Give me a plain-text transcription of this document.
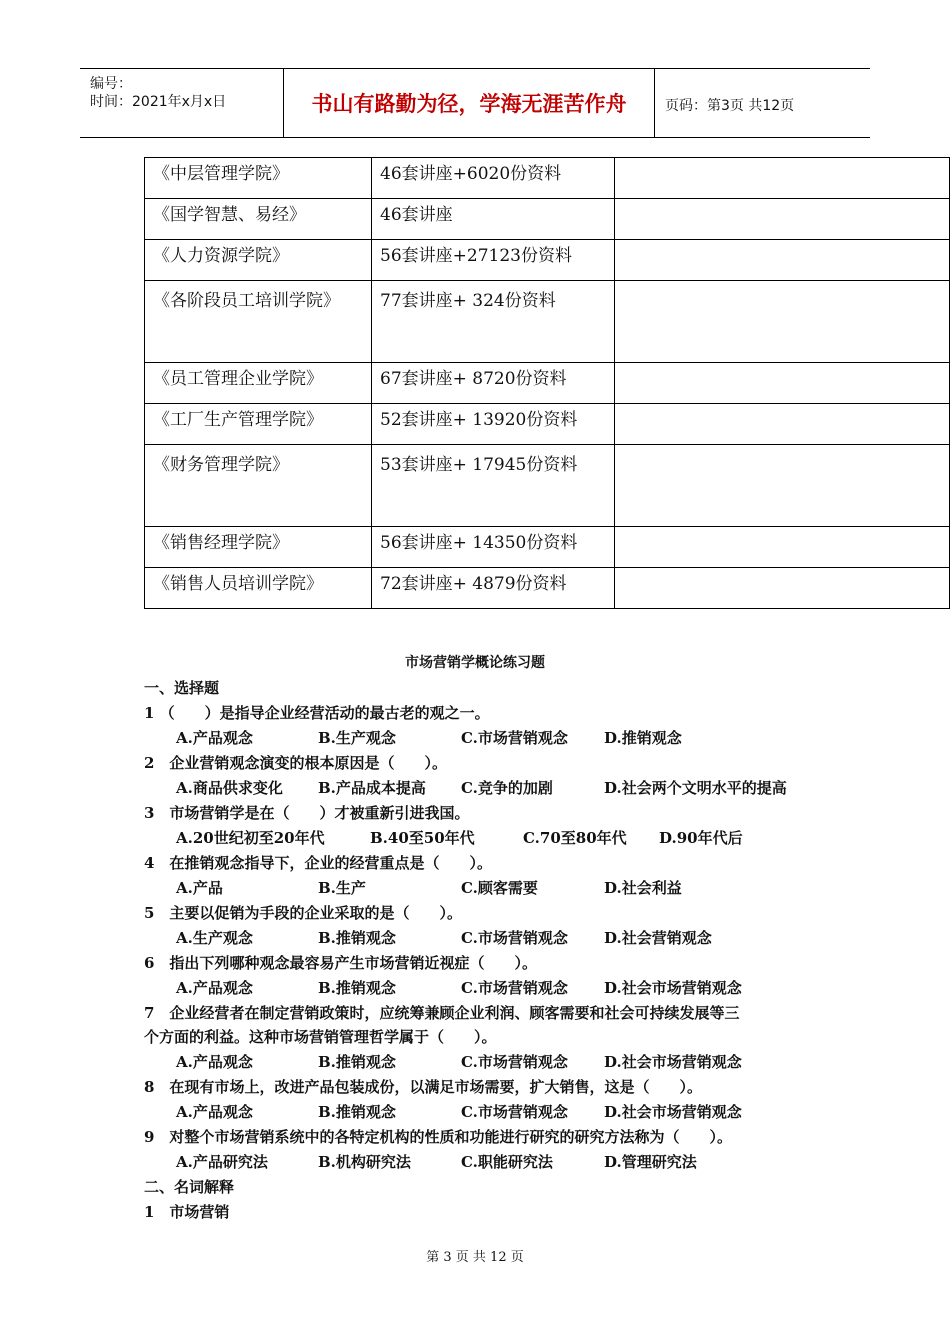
编号：
时间：2021年x月x日	书山有路勤为径，学海无涯苦作舟	页码：第3页 共12页
《中层管理学院》	46套讲座+6020份资料	
《国学智慧、易经》	46套讲座	
《人力资源学院》	56套讲座+27123份资料	
《各阶段员工培训学院》	77套讲座+ 324份资料	
《员工管理企业学院》	67套讲座+ 8720份资料	
《工厂生产管理学院》	52套讲座+ 13920份资料	
《财务管理学院》	53套讲座+ 17945份资料	
《销售经理学院》	56套讲座+ 14350份资料	
《销售人员培训学院》	72套讲座+ 4879份资料	
市场营销学概论练习题
一、选择题
1 （　　）是指导企业经营活动的最古老的观之一。
A.产品观念	B.生产观念	C.市场营销观念 D.推销观念
2　企业营销观念演变的根本原因是（　　）。
A.商品供求变化 B.产品成本提高 C.竞争的加剧	D.社会两个文明水平的提高
3　市场营销学是在（　　）才被重新引进我国。
A.20世纪初至20年代	B.40至50年代	C.70至80年代 D.90年代后
4　在推销观念指导下，企业的经营重点是（　　）。
A.产品	B.生产	C.顾客需要	D.社会利益
5　主要以促销为手段的企业采取的是（　　）。
A.生产观念	B.推销观念	C.市场营销观念 D.社会营销观念
6　指出下列哪种观念最容易产生市场营销近视症（　　）。
A.产品观念	B.推销观念	C.市场营销观念 D.社会市场营销观念
7　企业经营者在制定营销政策时，应统筹兼顾企业利润、顾客需要和社会可持续发展等三
个方面的利益。这种市场营销管理哲学属于（　　）。
A.产品观念	B.推销观念	C.市场营销观念 D.社会市场营销观念
8　在现有市场上，改进产品包装成份，以满足市场需要，扩大销售，这是（　　）。
A.产品观念	B.推销观念	C.市场营销观念 D.社会市场营销观念
9　对整个市场营销系统中的各特定机构的性质和功能进行研究的研究方法称为（　　）。
A.产品研究法	B.机构研究法	C.职能研究法	D.管理研究法
二、名词解释
1　市场营销
第 3 页 共 12 页
